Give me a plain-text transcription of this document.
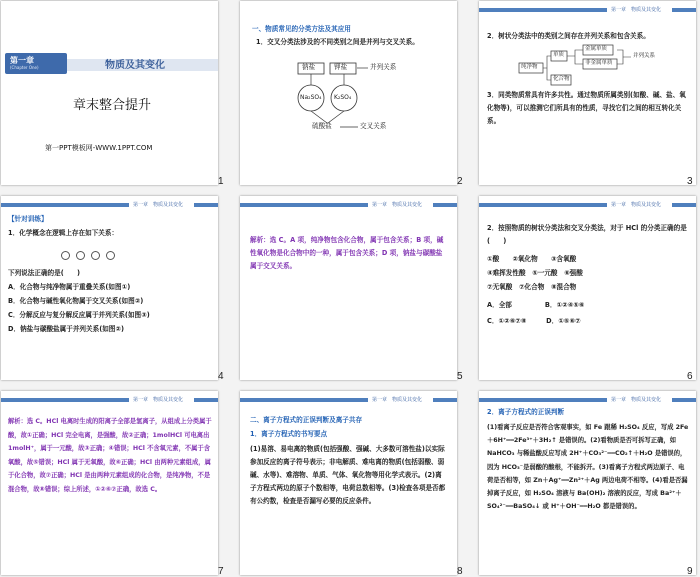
第一章
(Chapter One)	物质及其变化
章末整合提升
第一PPT模板网-WWW.1PPT.COM
1
一、物质常见的分类方法及其应用
1．交叉分类法涉及的不同类别之间是并列与交叉关系。
钠盐	钾盐	并列关系
Na₂SO₄ K₂SO₄
硫酸盐	交叉关系
2
第一章　物质及其变化
2．树状分类法中的类别之间存在并列关系和包含关系。
纯净物
单质
化合物
金属单质
非金属单质
并列关系
3．同类物质常具有许多共性。通过物质所属类别(如酸、碱、盐、氧化物等)，可以推测它们所具有的性质，寻找它们之间的相互转化关系。
3
第一章　物质及其变化
【针对训练】
1．化学概念在逻辑上存在如下关系：
下列说法正确的是(　　)
A．化合物与纯净物属于重叠关系(如图①)
B．化合物与碱性氧化物属于交叉关系(如图②)
C．分解反应与复分解反应属于并列关系(如图③)
D．钠盐与碳酸盐属于并列关系(如图②)
4
第一章　物质及其变化
解析：选 C。A 项，纯净物包含化合物，属于包含关系；B 项，碱性氧化物是化合物中的一种，属于包含关系；D 项，钠盐与碳酸盐属于交叉关系。
5
第一章　物质及其变化
2．按照物质的树状分类法和交叉分类法，对于 HCl 的分类正确的是(　　)
①酸　　②氧化物　　③含氧酸
④难挥发性酸　⑤一元酸　⑥强酸
⑦无氧酸　⑦化合物　⑧混合物
A．全部　　　　　B．①②④⑤⑥
C．①②⑥⑦⑧　　　D．①⑤⑥⑦
6
第一章　物质及其变化
解析：选 C。HCl 电离时生成的阳离子全部是氢离子，从组成上分类属于酸，故①正确；HCl 完全电离，是强酸，故②正确；1molHCl 可电离出 1molH⁺，属于一元酸，故③正确；④错误；HCl 不含氧元素，不属于含氧酸，故⑤错误；HCl 属于无氧酸，故⑥正确；HCl 由两种元素组成，属于化合物，故⑦正确；HCl 是由两种元素组成的化合物，是纯净物，不是混合物，故⑧错误；综上所述，①②⑥⑦正确，故选 C。
7
第一章　物质及其变化
二、离子方程式的正误判断及离子共存
1．离子方程式的书写要点
(1)易溶、易电离的物质(包括强酸、强碱、大多数可溶性盐)以实际参加反应的离子符号表示；非电解质、难电离的物质(包括弱酸、弱碱、水等)、难溶物、单质、气体、氧化物等用化学式表示。(2)离子方程式两边的原子个数相等，电荷总数相等。(3)检查各项是否都有公约数，检查是否漏写必要的反应条件。
8
第一章　物质及其变化
2．离子方程式的正误判断
(1)看离子反应是否符合客观事实，如 Fe 跟稀 H₂SO₄ 反应，写成 2Fe＋6H⁺══2Fe³⁺＋3H₂↑ 是错误的。(2)看物质是否可拆写正确，如 NaHCO₃ 与稀盐酸反应写成 2H⁺＋CO₃²⁻══CO₂↑＋H₂O 是错误的，因为 HCO₃⁻是弱酸的酸根，不能拆开。(3)看离子方程式两边原子、电荷是否相等，如 Zn＋Ag⁺══Zn²⁺＋Ag 两边电荷不相等。(4)看是否漏掉离子反应，如 H₂SO₄ 溶液与 Ba(OH)₂ 溶液的反应，写成 Ba²⁺＋SO₄²⁻══BaSO₄↓ 或 H⁺＋OH⁻══H₂O 都是错误的。
9
